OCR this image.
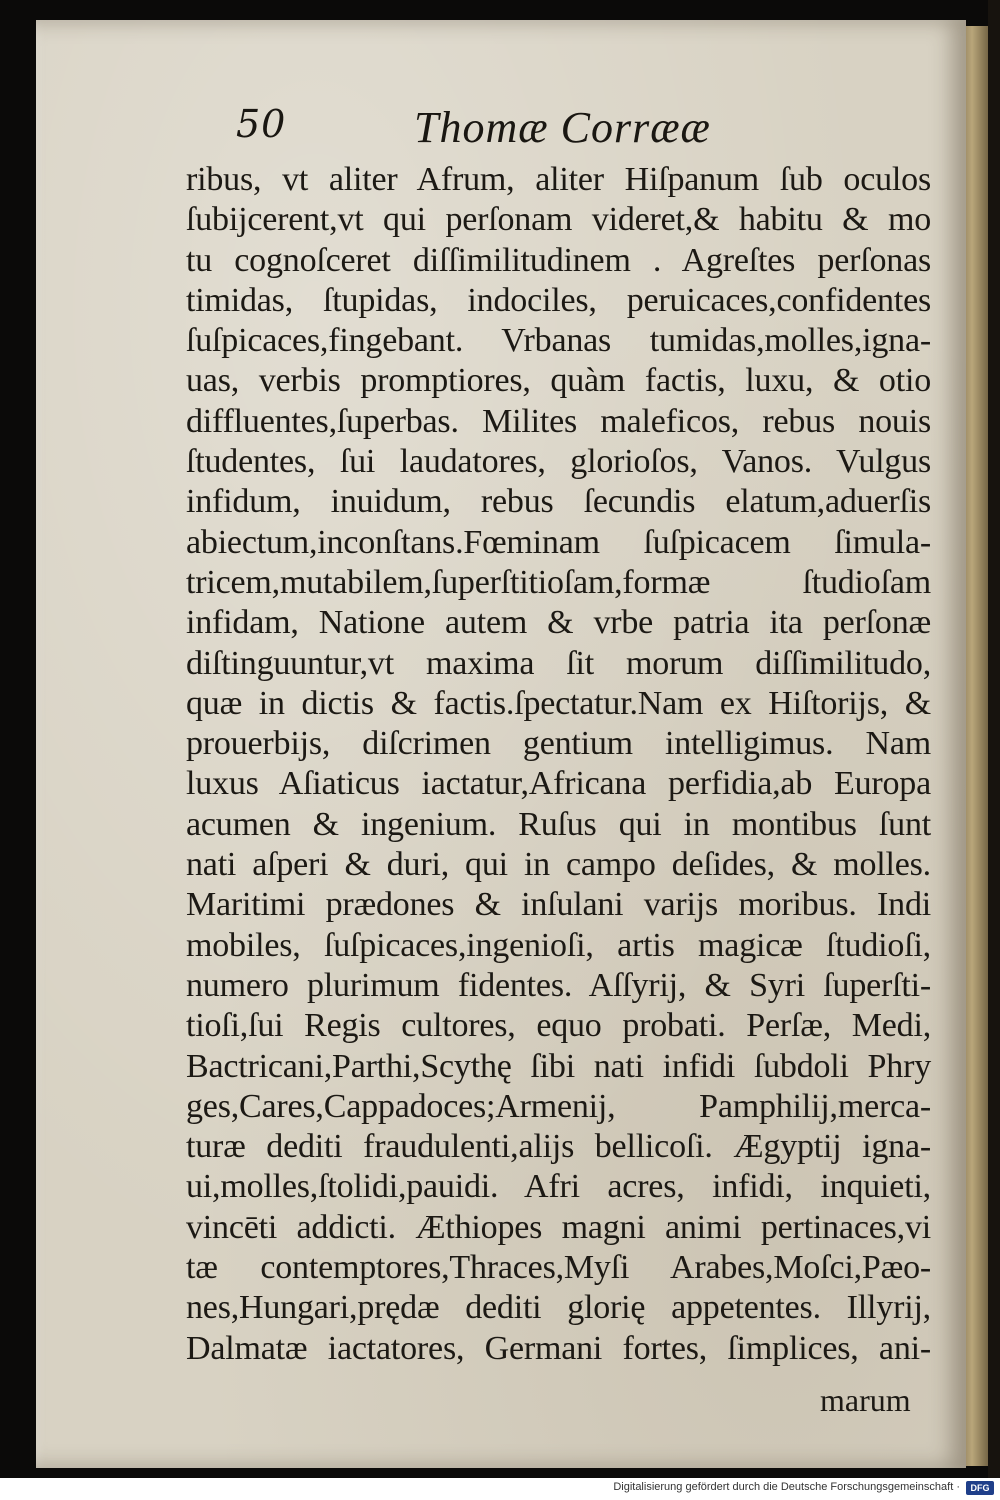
50	Thomæ Corrææ
ribus, vt aliter Afrum, aliter Hiſpanum ſub oculos
ſubijcerent,vt qui perſonam videret,& habitu & mo
tu cognoſceret diſſimilitudinem . Agreſtes perſonas
timidas, ſtupidas, indociles, peruicaces,confidentes
ſuſpicaces,fingebant. Vrbanas tumidas,molles,igna-
uas, verbis promptiores, quàm factis, luxu, & otio
diffluentes,ſuperbas. Milites maleficos, rebus nouis
ſtudentes, ſui laudatores, glorioſos, Vanos. Vulgus
infidum, inuidum, rebus ſecundis elatum,aduerſis
abiectum,inconſtans.Fœminam ſuſpicacem ſimula-
tricem,mutabilem,ſuperſtitioſam,formæ ſtudioſam
infidam, Natione autem & vrbe patria ita perſonæ
diſtinguuntur,vt maxima ſit morum diſſimilitudo,
quæ in dictis & factis.ſpectatur.Nam ex Hiſtorijs, &
prouerbijs, diſcrimen gentium intelligimus. Nam
luxus Aſiaticus iactatur,Africana perfidia,ab Europa
acumen & ingenium. Ruſus qui in montibus ſunt
nati aſperi & duri, qui in campo deſides, & molles.
Maritimi prædones & inſulani varijs moribus. Indi
mobiles, ſuſpicaces,ingenioſi, artis magicæ ſtudioſi,
numero plurimum fidentes. Aſſyrij, & Syri ſuperſti-
tioſi,ſui Regis cultores, equo probati. Perſæ, Medi,
Bactricani,Parthi,Scythę ſibi nati infidi ſubdoli Phry
ges,Cares,Cappadoces;Armenij, Pamphilij,merca-
turæ dediti fraudulenti,alijs bellicoſi. Ægyptij igna-
ui,molles,ſtolidi,pauidi. Afri acres, infidi, inquieti,
vincēti addicti. Æthiopes magni animi pertinaces,vi
tæ contemptores,Thraces,Myſi Arabes,Moſci,Pæo-
nes,Hungari,prędæ dediti glorię appetentes. Illyrij,
Dalmatæ iactatores, Germani fortes, ſimplices, ani-
marum
Digitalisierung gefördert durch die Deutsche Forschungsgemeinschaft ·	DFG
